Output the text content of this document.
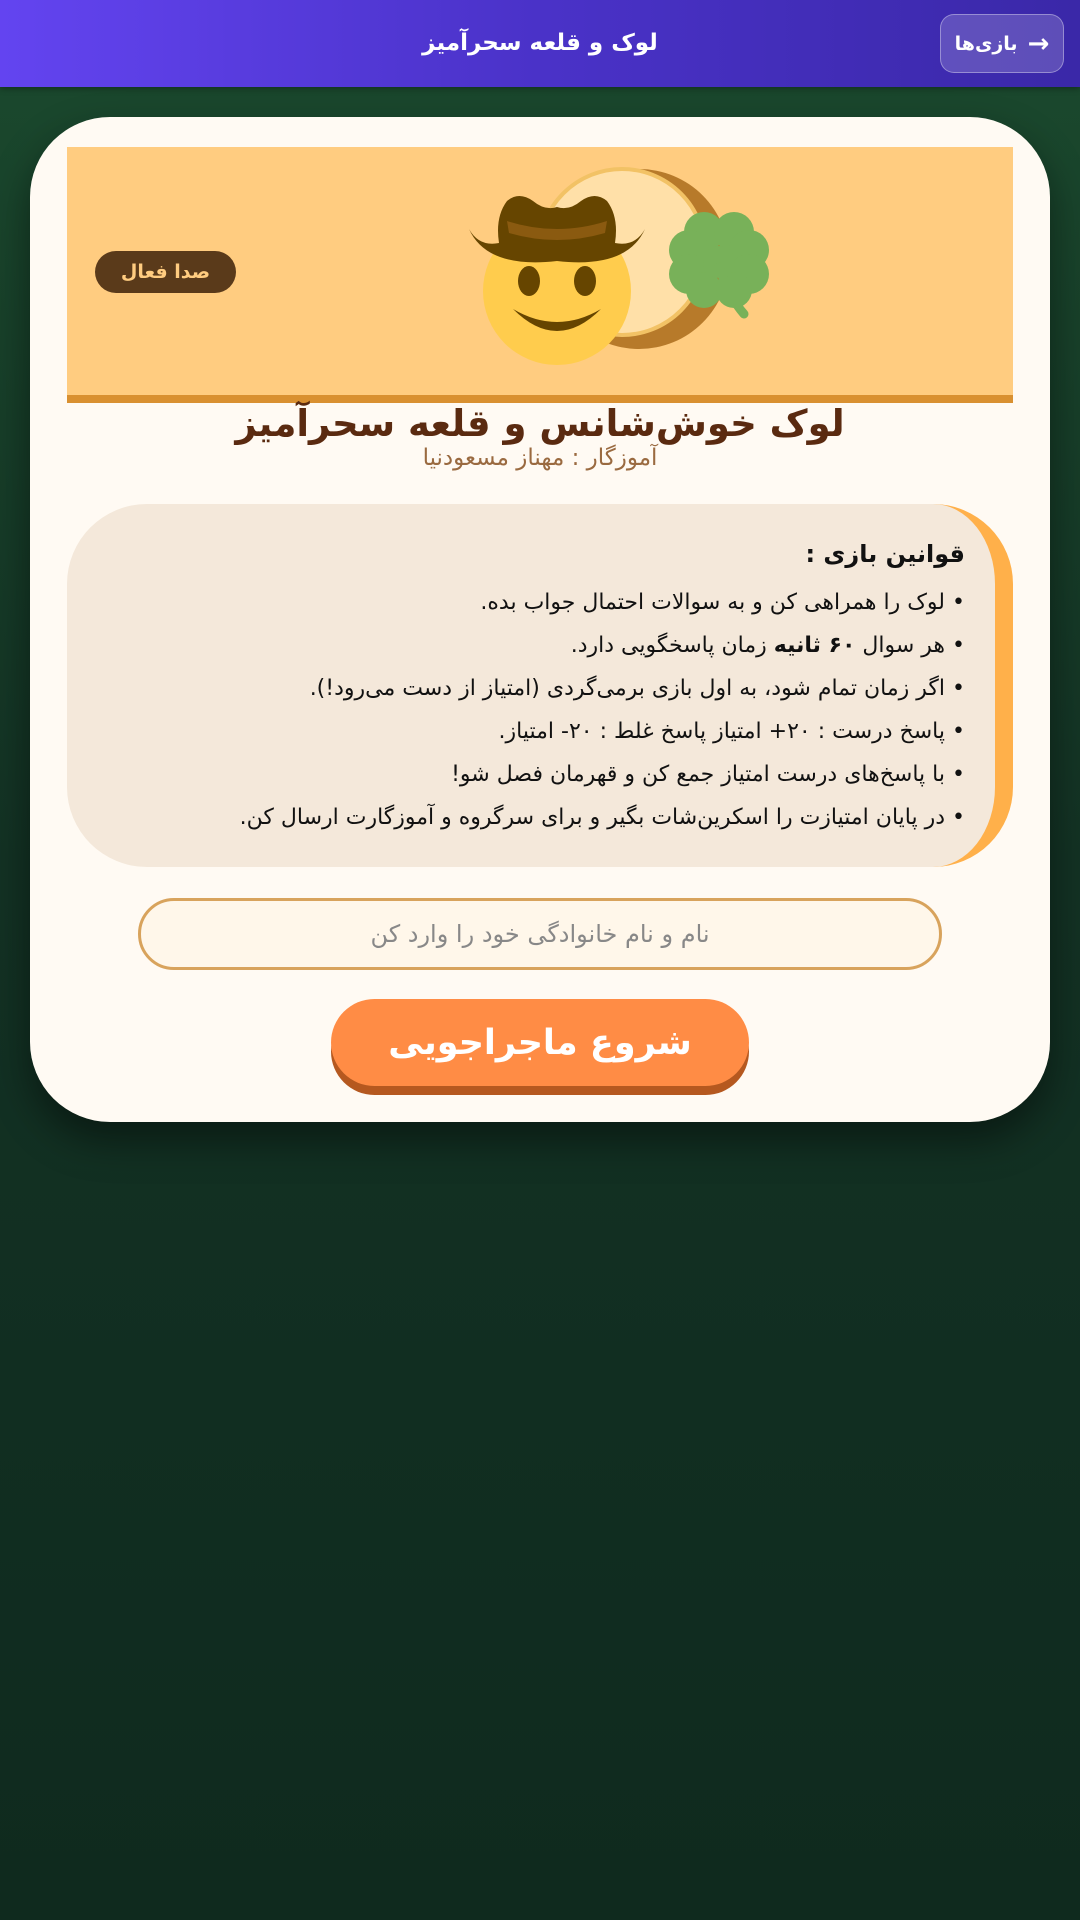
لوک و قلعه سحرآمیز	→
بازی‌ها
صدا فعال
لوک خوش‌شانس و قلعه سحرآمیز
آموزگار : مهناز مسعودنیا
قوانین بازی :
• لوک را همراهی کن و به سوالات احتمال جواب بده.
• هر سوال ۶۰ ثانیه زمان پاسخگویی دارد.
• اگر زمان تمام شود، به اول بازی برمی‌گردی (امتیاز از دست می‌رود!).
• پاسخ درست : ۲۰+ امتیاز پاسخ غلط : ۲۰- امتیاز.
• با پاسخ‌های درست امتیاز جمع کن و قهرمان فصل شو!
• در پایان امتیازت را اسکرین‌شات بگیر و برای سرگروه و آموزگارت ارسال کن.
نام و نام خانوادگی خود را وارد کن
شروع ماجراجویی
